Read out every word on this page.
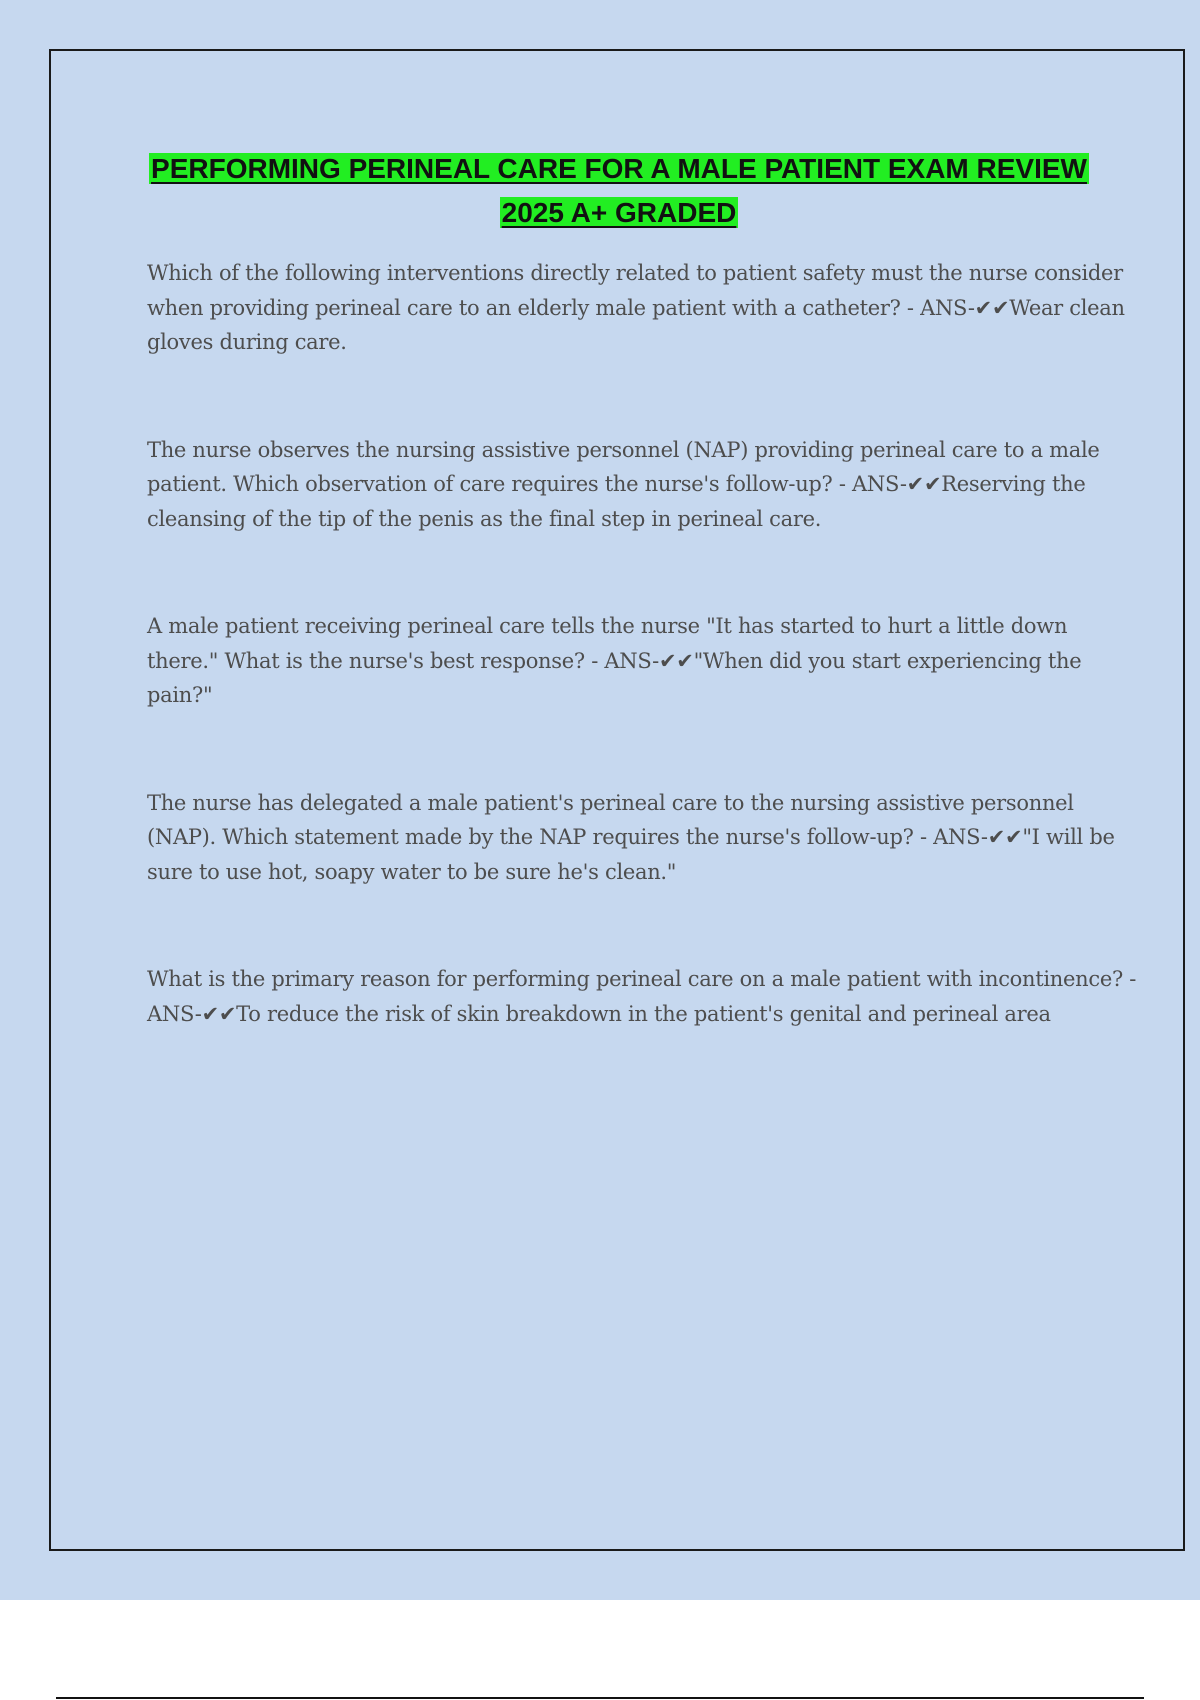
PERFORMING PERINEAL CARE FOR A MALE PATIENT EXAM REVIEW
2025 A+ GRADED

Which of the following interventions directly related to patient safety must the nurse consider when providing perineal care to an elderly male patient with a catheter? - ANS-✔✔Wear clean gloves during care.

The nurse observes the nursing assistive personnel (NAP) providing perineal care to a male patient. Which observation of care requires the nurse's follow-up? - ANS-✔✔Reserving the cleansing of the tip of the penis as the final step in perineal care.

A male patient receiving perineal care tells the nurse "It has started to hurt a little down there." What is the nurse's best response? - ANS-✔✔"When did you start experiencing the pain?"

The nurse has delegated a male patient's perineal care to the nursing assistive personnel (NAP). Which statement made by the NAP requires the nurse's follow-up? - ANS-✔✔"I will be sure to use hot, soapy water to be sure he's clean."

What is the primary reason for performing perineal care on a male patient with incontinence? - ANS-✔✔To reduce the risk of skin breakdown in the patient's genital and perineal area
